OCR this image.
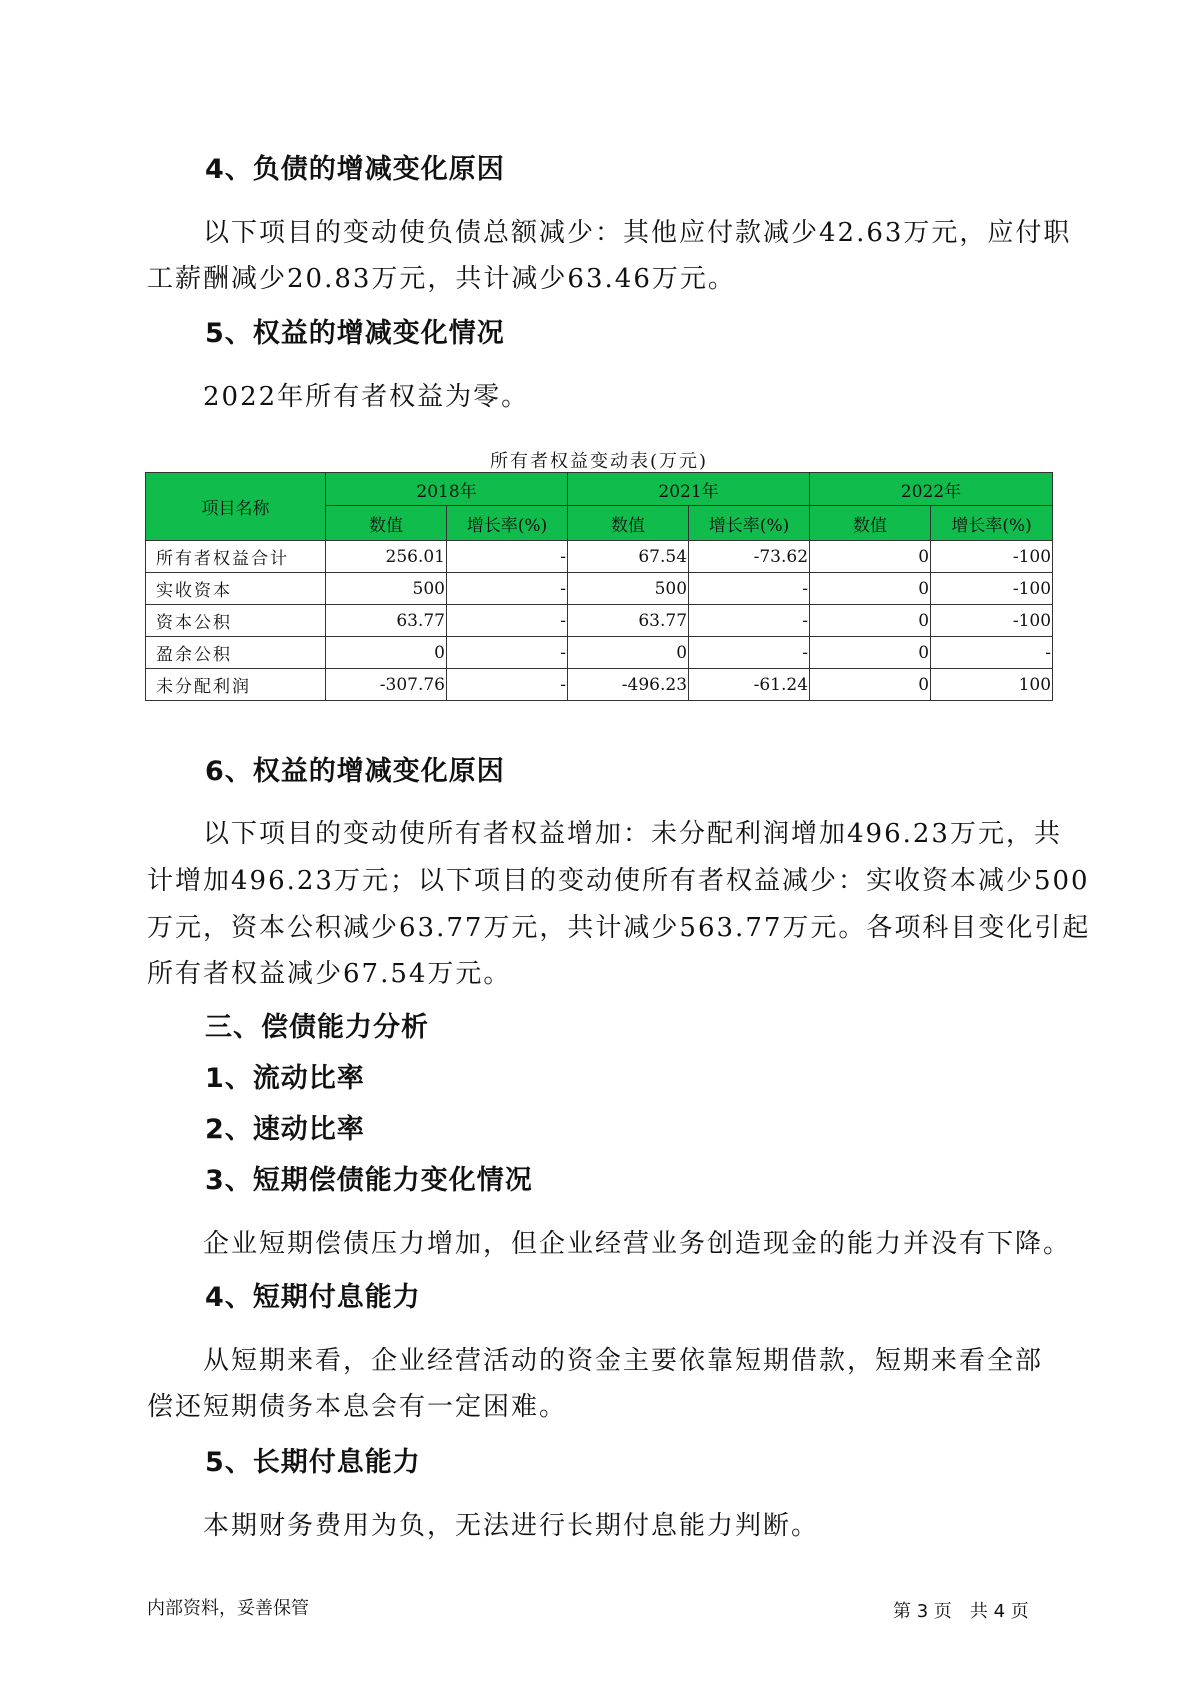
4、负债的增减变化原因
以下项目的变动使负债总额减少：其他应付款减少42.63万元，应付职
工薪酬减少20.83万元，共计减少63.46万元。
5、权益的增减变化情况
2022年所有者权益为零。
所有者权益变动表(万元)
项目名称	2018年		2021年		2022年	
	数值	增长率(%)	数值	增长率(%)	数值	增长率(%)
所有者权益合计	256.01	-	67.54	-73.62	0	-100
实收资本	500	-	500	-	0	-100
资本公积	63.77	-	63.77	-	0	-100
盈余公积	0	-	0	-	0	-
未分配利润	-307.76	-	-496.23	-61.24	0	100
6、权益的增减变化原因
以下项目的变动使所有者权益增加：未分配利润增加496.23万元，共
计增加496.23万元；以下项目的变动使所有者权益减少：实收资本减少500
万元，资本公积减少63.77万元，共计减少563.77万元。各项科目变化引起
所有者权益减少67.54万元。
三、偿债能力分析
1、流动比率
2、速动比率
3、短期偿债能力变化情况
企业短期偿债压力增加，但企业经营业务创造现金的能力并没有下降。
4、短期付息能力
从短期来看，企业经营活动的资金主要依靠短期借款，短期来看全部
偿还短期债务本息会有一定困难。
5、长期付息能力
本期财务费用为负，无法进行长期付息能力判断。
内部资料，妥善保管	第 3 页　共 4 页
